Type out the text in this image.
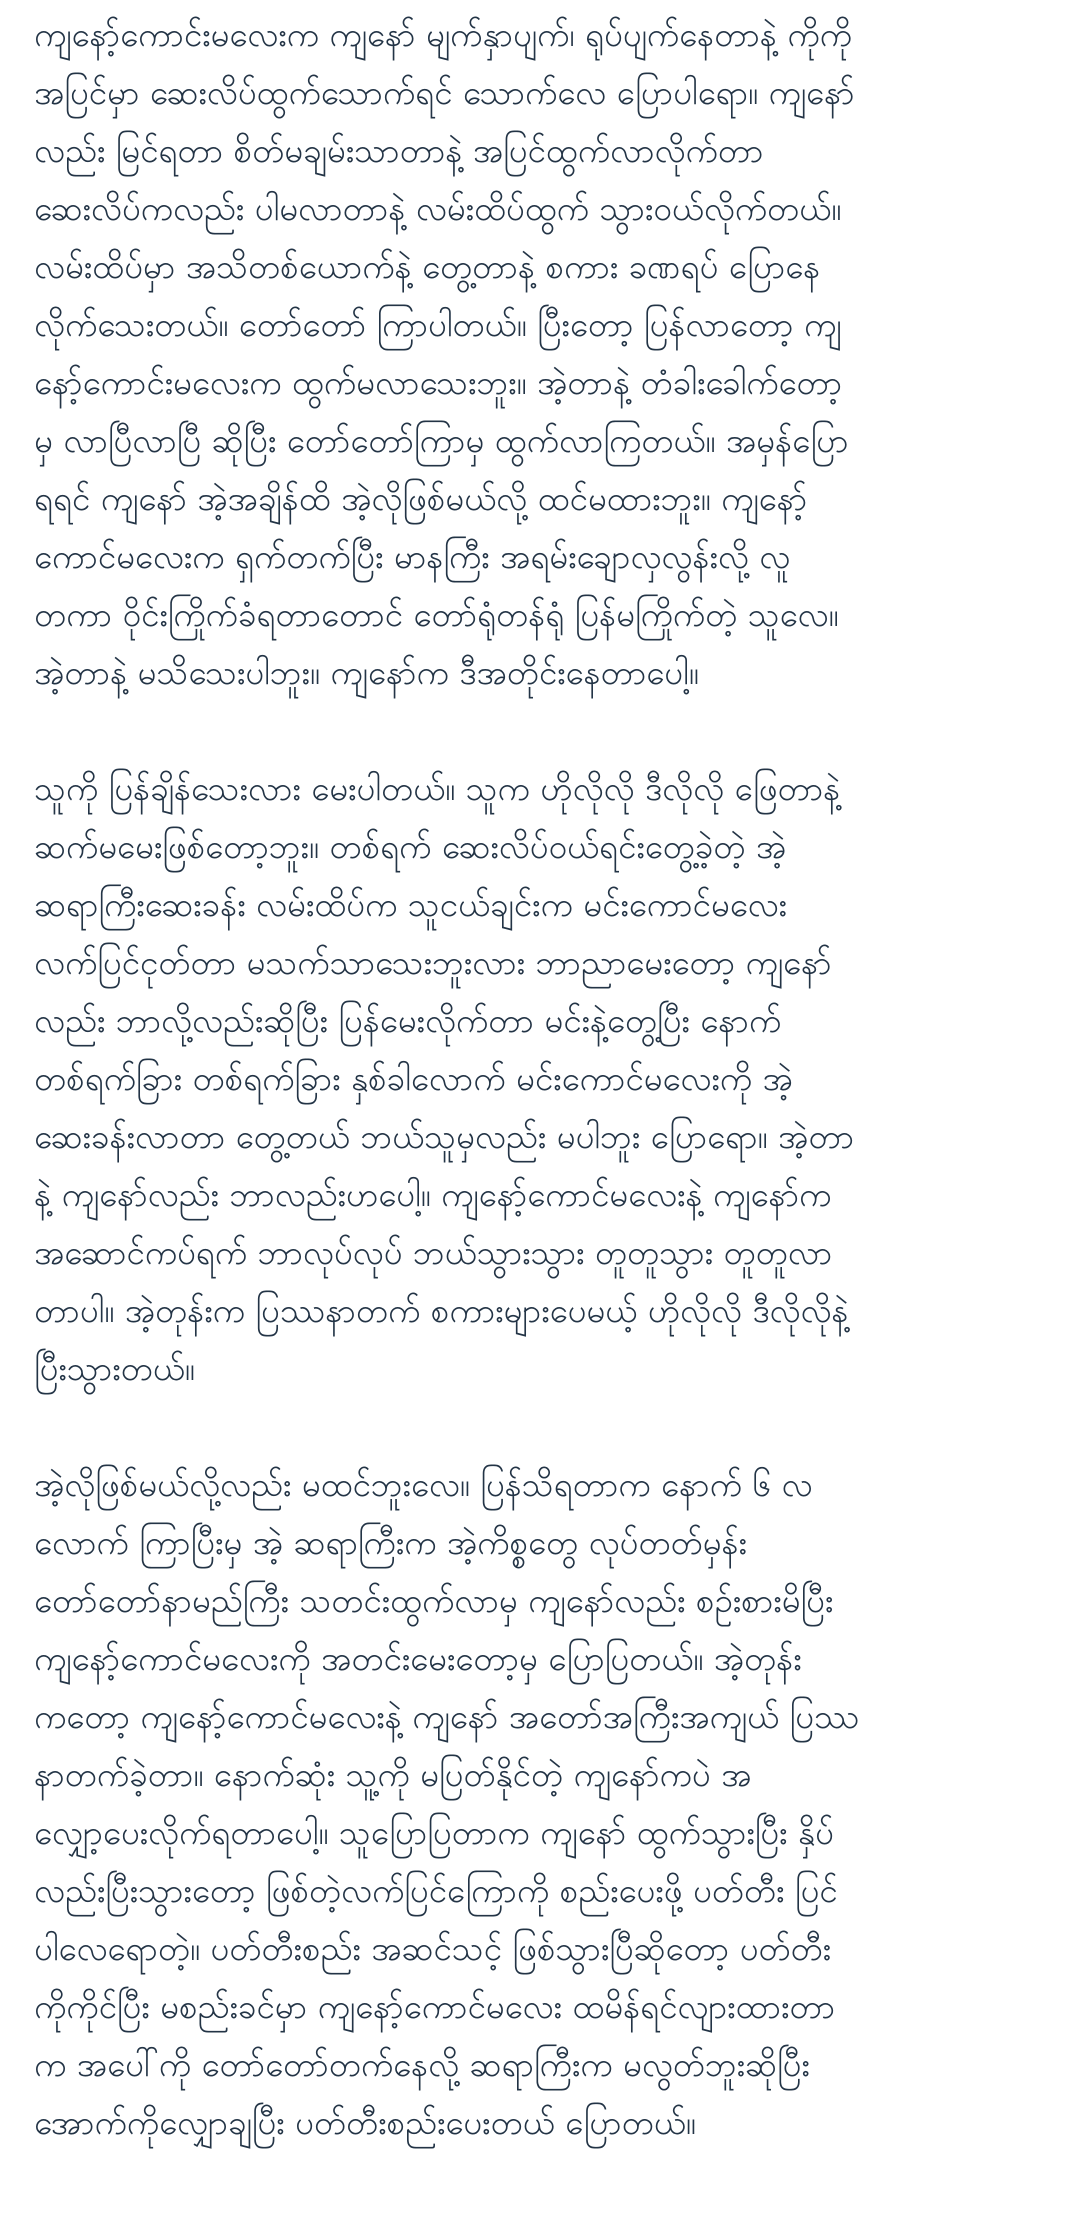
ကျနော့်ကောင်းမလေးက ကျနော် မျက်နှာပျက်၊ ရုပ်ပျက်နေတာနဲ့ ကိုကို
အပြင်မှာ ဆေးလိပ်ထွက်သောက်ရင် သောက်လေ ပြောပါရော။ ကျနော်
လည်း မြင်ရတာ စိတ်မချမ်းသာတာနဲ့ အပြင်ထွက်လာလိုက်တာ
ဆေးလိပ်ကလည်း ပါမလာတာနဲ့ လမ်းထိပ်ထွက် သွားဝယ်လိုက်တယ်။
လမ်းထိပ်မှာ အသိတစ်ယောက်နဲ့ တွေ့တာနဲ့ စကား ခဏရပ် ပြောနေ
လိုက်သေးတယ်။ တော်တော် ကြာပါတယ်။ ပြီးတော့ ပြန်လာတော့ ကျ
နော့်ကောင်းမလေးက ထွက်မလာသေးဘူး။ အဲ့တာနဲ့ တံခါးခေါက်တော့
မှ လာပြီလာပြီ ဆိုပြီး တော်တော်ကြာမှ ထွက်လာကြတယ်။ အမှန်ပြော
ရရင် ကျနော် အဲ့အချိန်ထိ အဲ့လိုဖြစ်မယ်လို့ ထင်မထားဘူး။ ကျနော့်
ကောင်မလေးက ရှက်တက်ပြီး မာနကြီး အရမ်းချောလှလွန်းလို့ လူ
တကာ ဝိုင်းကြိုက်ခံရတာတောင် တော်ရုံတန်ရုံ ပြန်မကြိုက်တဲ့ သူလေ။
အဲ့တာနဲ့ မသိသေးပါဘူး။ ကျနော်က ဒီအတိုင်းနေတာပေါ့။
သူကို ပြန်ချိန်သေးလား မေးပါတယ်။ သူက ဟိုလိုလို ဒီလိုလို ဖြေတာနဲ့
ဆက်မမေးဖြစ်တော့ဘူး။ တစ်ရက် ဆေးလိပ်ဝယ်ရင်းတွေ့ခဲ့တဲ့ အဲ့
ဆရာကြီးဆေးခန်း လမ်းထိပ်က သူငယ်ချင်းက မင်းကောင်မလေး
လက်ပြင်ငုတ်တာ မသက်သာသေးဘူးလား ဘာညာမေးတော့ ကျနော်
လည်း ဘာလို့လည်းဆိုပြီး ပြန်မေးလိုက်တာ မင်းနဲ့တွေ့ပြီး နောက်
တစ်ရက်ခြား တစ်ရက်ခြား နှစ်ခါလောက် မင်းကောင်မလေးကို အဲ့
ဆေးခန်းလာတာ တွေ့တယ် ဘယ်သူမှလည်း မပါဘူး ပြောရော။ အဲ့တာ
နဲ့ ကျနော်လည်း ဘာလည်းဟပေါ့။ ကျနော့်ကောင်မလေးနဲ့ ကျနော်က
အဆောင်ကပ်ရက် ဘာလုပ်လုပ် ဘယ်သွားသွား တူတူသွား တူတူလာ
တာပါ။ အဲ့တုန်းက ပြဿနာတက် စကားများပေမယ့် ဟိုလိုလို ဒီလိုလိုနဲ့
ပြီးသွားတယ်။
အဲ့လိုဖြစ်မယ်လို့လည်း မထင်ဘူးလေ။ ပြန်သိရတာက နောက် ၆ လ
လောက် ကြာပြီးမှ အဲ့ ဆရာကြီးက အဲ့ကိစ္စတွေ လုပ်တတ်မှန်း
တော်တော်နာမည်ကြီး သတင်းထွက်လာမှ ကျနော်လည်း စဉ်းစားမိပြီး
ကျနော့်ကောင်မလေးကို အတင်းမေးတော့မှ ပြောပြတယ်။ အဲ့တုန်း
ကတော့ ကျနော့်ကောင်မလေးနဲ့ ကျနော် အတော်အကြီးအကျယ် ပြဿ
နာတက်ခဲ့တာ။ နောက်ဆုံး သူ့ကို မပြတ်နိုင်တဲ့ ကျနော်ကပဲ အ
လျှော့ပေးလိုက်ရတာပေါ့။ သူပြောပြတာက ကျနော် ထွက်သွားပြီး နှိပ်
လည်းပြီးသွားတော့ ဖြစ်တဲ့လက်ပြင်ကြောကို စည်းပေးဖို့ ပတ်တီး ပြင်
ပါလေရောတဲ့။ ပတ်တီးစည်း အဆင်သင့် ဖြစ်သွားပြီဆိုတော့ ပတ်တီး
ကိုကိုင်ပြီး မစည်းခင်မှာ ကျနော့်ကောင်မလေး ထမိန်ရင်လျားထားတာ
က အပေါ်ကို တော်တော်တက်နေလို့ ဆရာကြီးက မလွတ်ဘူးဆိုပြီး
အောက်ကိုလျှောချပြီး ပတ်တီးစည်းပေးတယ် ပြောတယ်။
